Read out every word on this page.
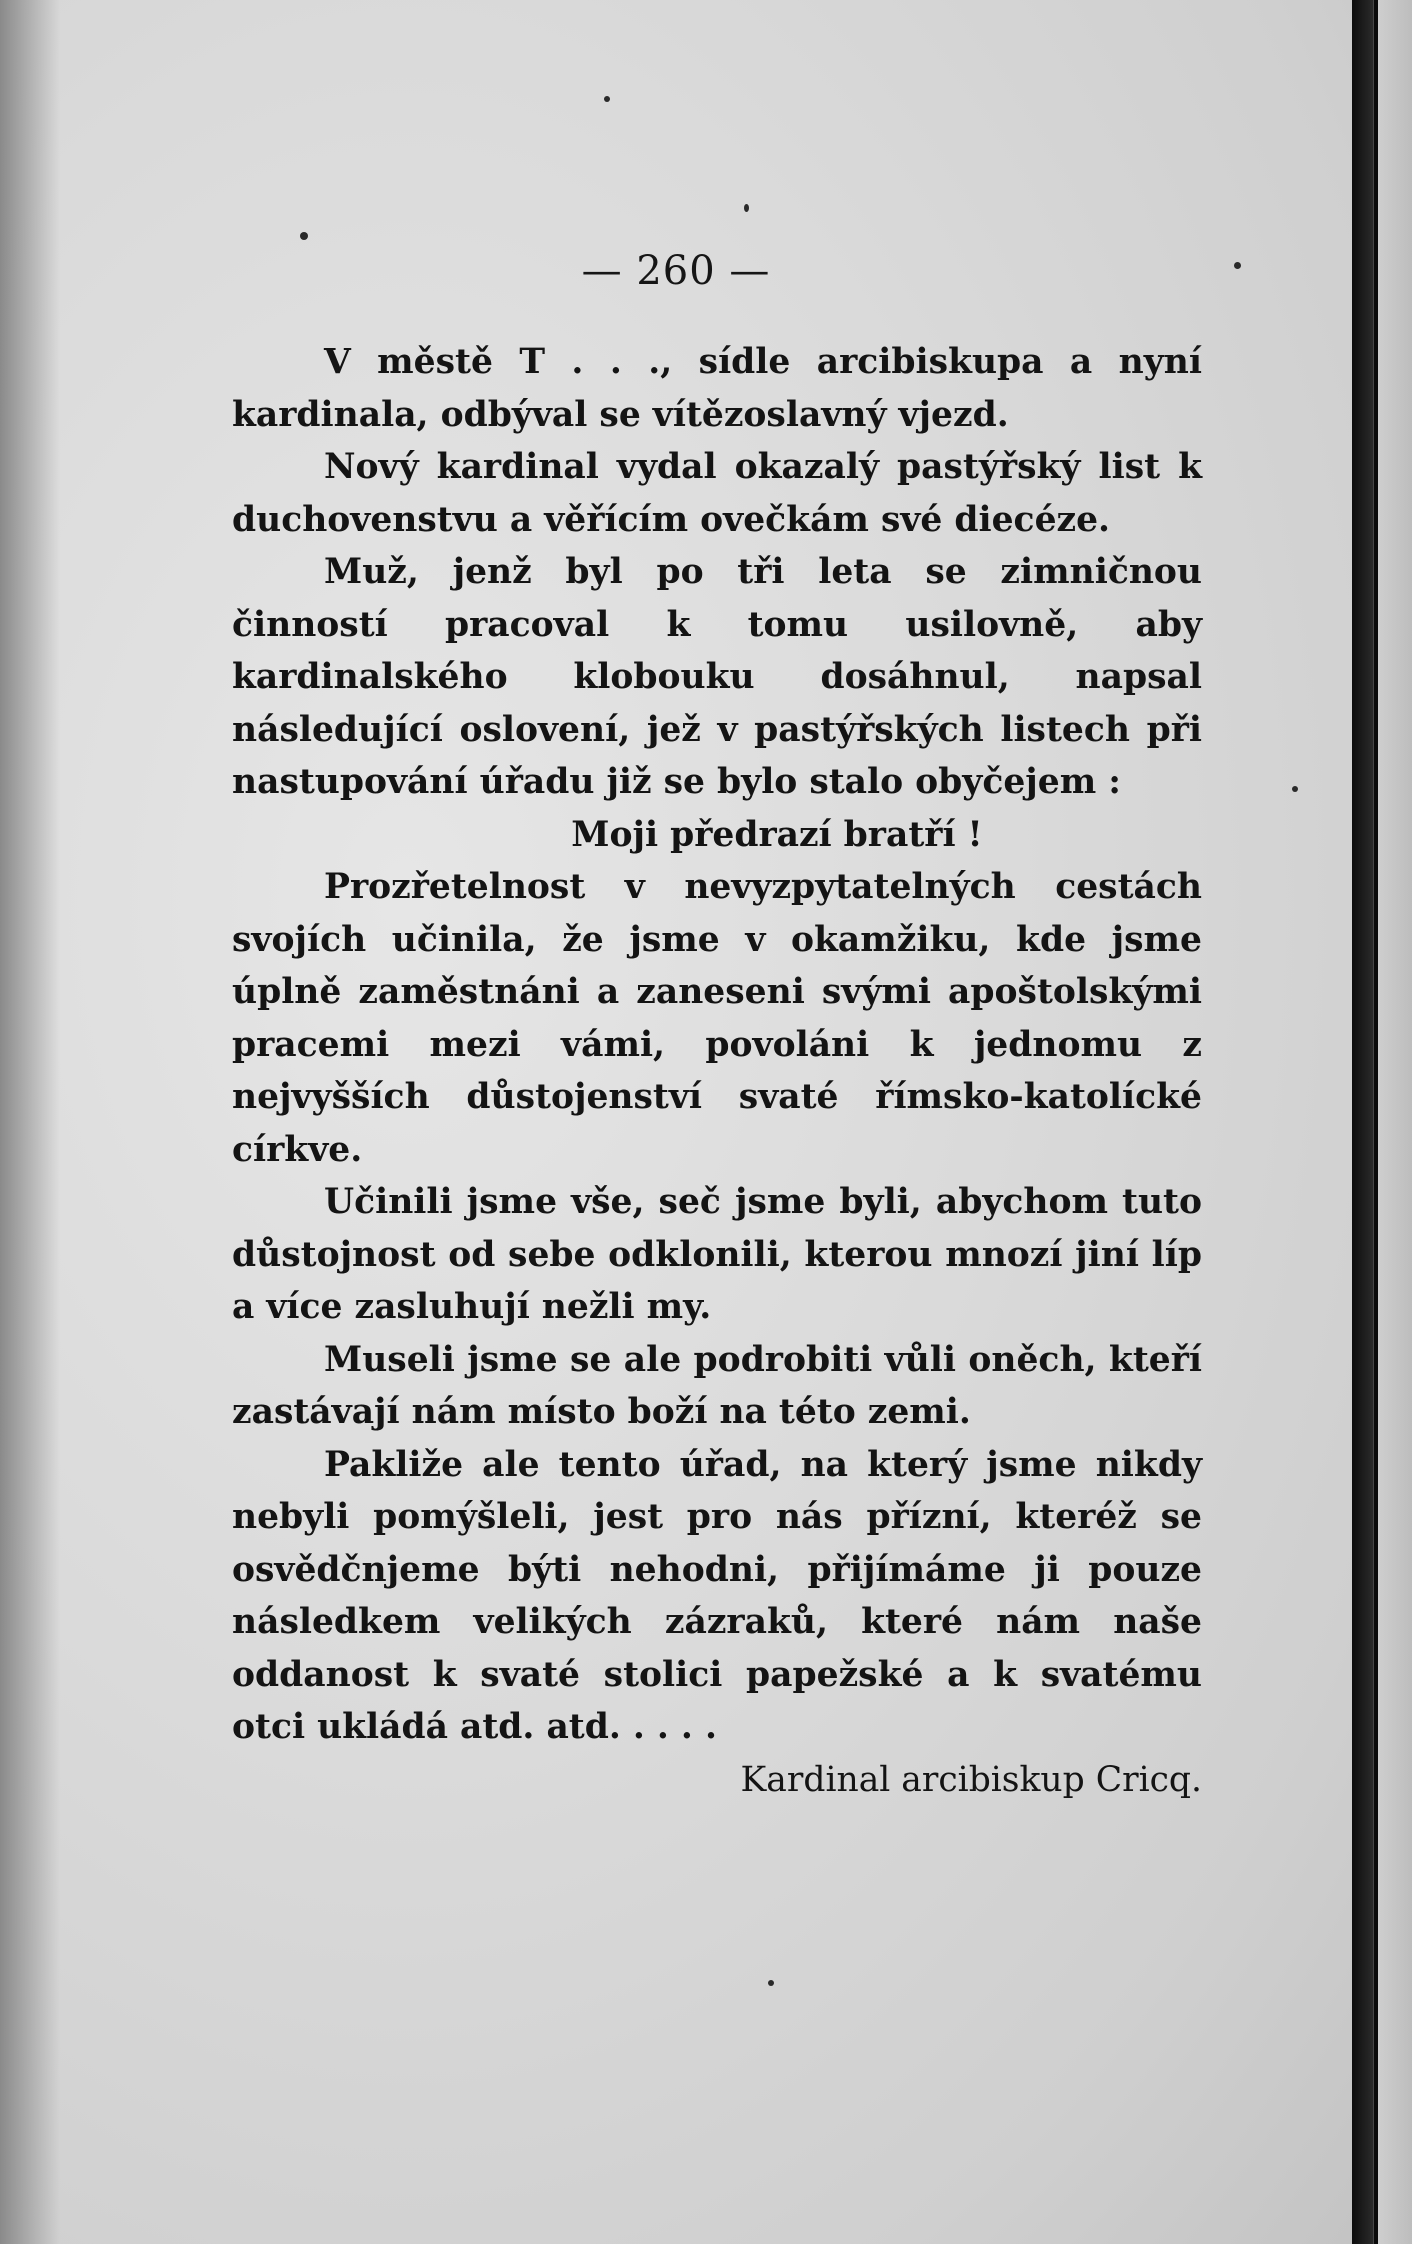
— 260 —

V městě T . . ., sídle arcibiskupa a nyní kardinala, odbýval se vítězoslavný vjezd.

Nový kardinal vydal okazalý pastýřský list k duchovenstvu a věřícím ovečkám své diecéze.

Muž, jenž byl po tři leta se zimničnou činností pracoval k tomu usilovně, aby kardinalského klobouku dosáhnul, napsal následující oslovení, jež v pastýřských listech při nastupování úřadu již se bylo stalo obyčejem :

Moji předrazí bratří !

Prozřetelnost v nevyzpytatelných cestách svojích učinila, že jsme v okamžiku, kde jsme úplně zaměstnáni a zaneseni svými apoštolskými pracemi mezi vámi, povoláni k jednomu z nejvyšších důstojenství svaté římsko-katolícké církve.

Učinili jsme vše, seč jsme byli, abychom tuto důstojnost od sebe odklonili, kterou mnozí jiní líp a více zasluhují nežli my.

Museli jsme se ale podrobiti vůli oněch, kteří zastávají nám místo boží na této zemi.

Pakliže ale tento úřad, na který jsme nikdy nebyli pomýšleli, jest pro nás přízní, kteréž se osvědčnjeme býti nehodni, přijímáme ji pouze následkem velikých zázraků, které nám naše oddanost k svaté stolici papežské a k svatému otci ukládá atd. atd. . . . .

Kardinal arcibiskup Cricq.
